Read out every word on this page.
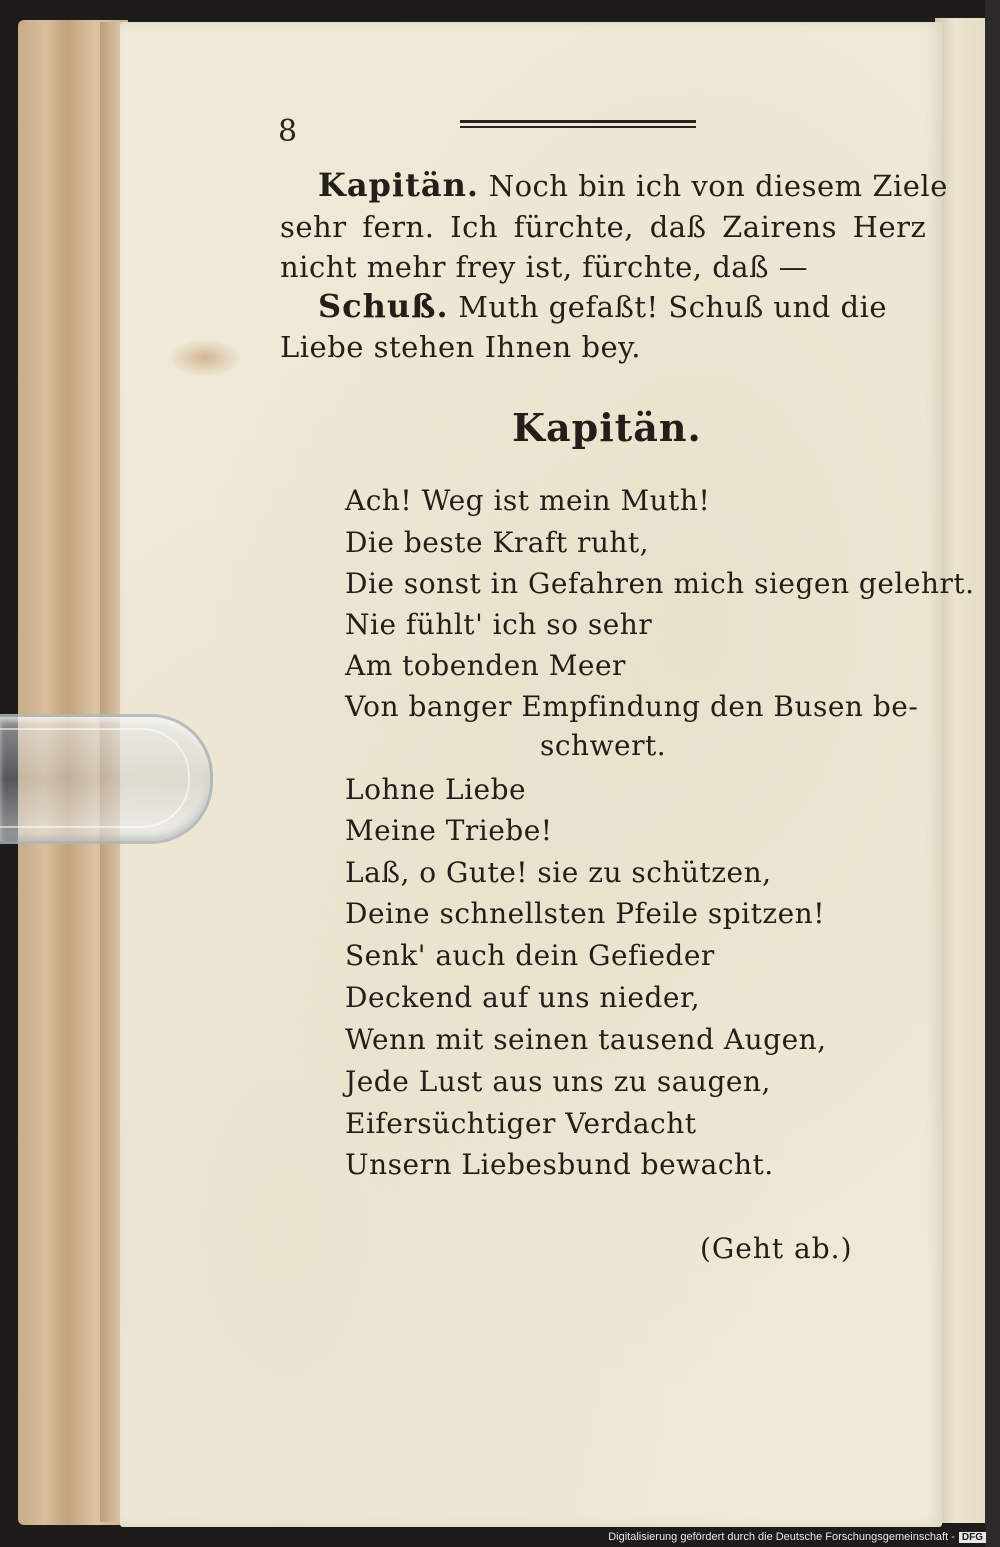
8
Kapitän. Noch bin ich von diesem Ziele
sehr fern. Ich fürchte, daß Zairens Herz
nicht mehr frey ist, fürchte, daß —
Schuß. Muth gefaßt! Schuß und die
Liebe stehen Ihnen bey.
Kapitän.
Ach! Weg ist mein Muth!
Die beste Kraft ruht,
Die sonst in Gefahren mich siegen gelehrt.
Nie fühlt' ich so sehr
Am tobenden Meer
Von banger Empfindung den Busen be-
schwert.
Lohne Liebe
Meine Triebe!
Laß, o Gute! sie zu schützen,
Deine schnellsten Pfeile spitzen!
Senk' auch dein Gefieder
Deckend auf uns nieder,
Wenn mit seinen tausend Augen,
Jede Lust aus uns zu saugen,
Eifersüchtiger Verdacht
Unsern Liebesbund bewacht.
(Geht ab.)
Digitalisierung gefördert durch die Deutsche Forschungsgemeinschaft - DFG
